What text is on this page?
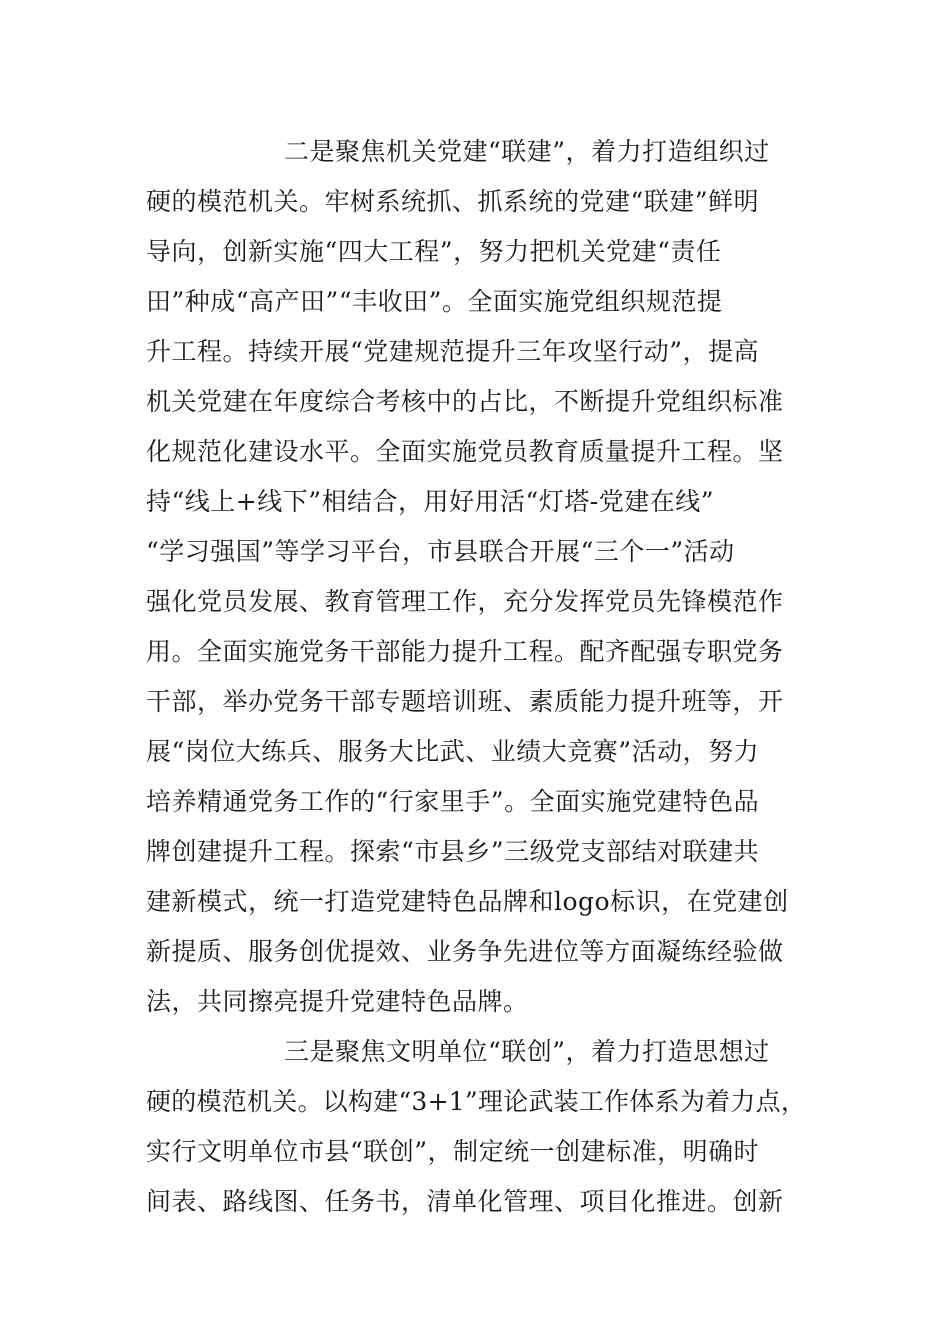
二是聚焦机关党建“联建”，着力打造组织过
硬的模范机关。牢树系统抓、抓系统的党建“联建”鲜明
导向，创新实施“四大工程”，努力把机关党建“责任
田”种成“高产田”“丰收田”。全面实施党组织规范提
升工程。持续开展“党建规范提升三年攻坚行动”，提高
机关党建在年度综合考核中的占比，不断提升党组织标准
化规范化建设水平。全面实施党员教育质量提升工程。坚
持“线上+线下”相结合，用好用活“灯塔-党建在线”
“学习强国”等学习平台，市县联合开展“三个一”活动
强化党员发展、教育管理工作，充分发挥党员先锋模范作
用。全面实施党务干部能力提升工程。配齐配强专职党务
干部，举办党务干部专题培训班、素质能力提升班等，开
展“岗位大练兵、服务大比武、业绩大竞赛”活动，努力
培养精通党务工作的“行家里手”。全面实施党建特色品
牌创建提升工程。探索“市县乡”三级党支部结对联建共
建新模式，统一打造党建特色品牌和logo标识，在党建创
新提质、服务创优提效、业务争先进位等方面凝练经验做
法，共同擦亮提升党建特色品牌。
三是聚焦文明单位“联创”，着力打造思想过
硬的模范机关。以构建“3+1”理论武装工作体系为着力点，
实行文明单位市县“联创”，制定统一创建标准，明确时
间表、路线图、任务书，清单化管理、项目化推进。创新
